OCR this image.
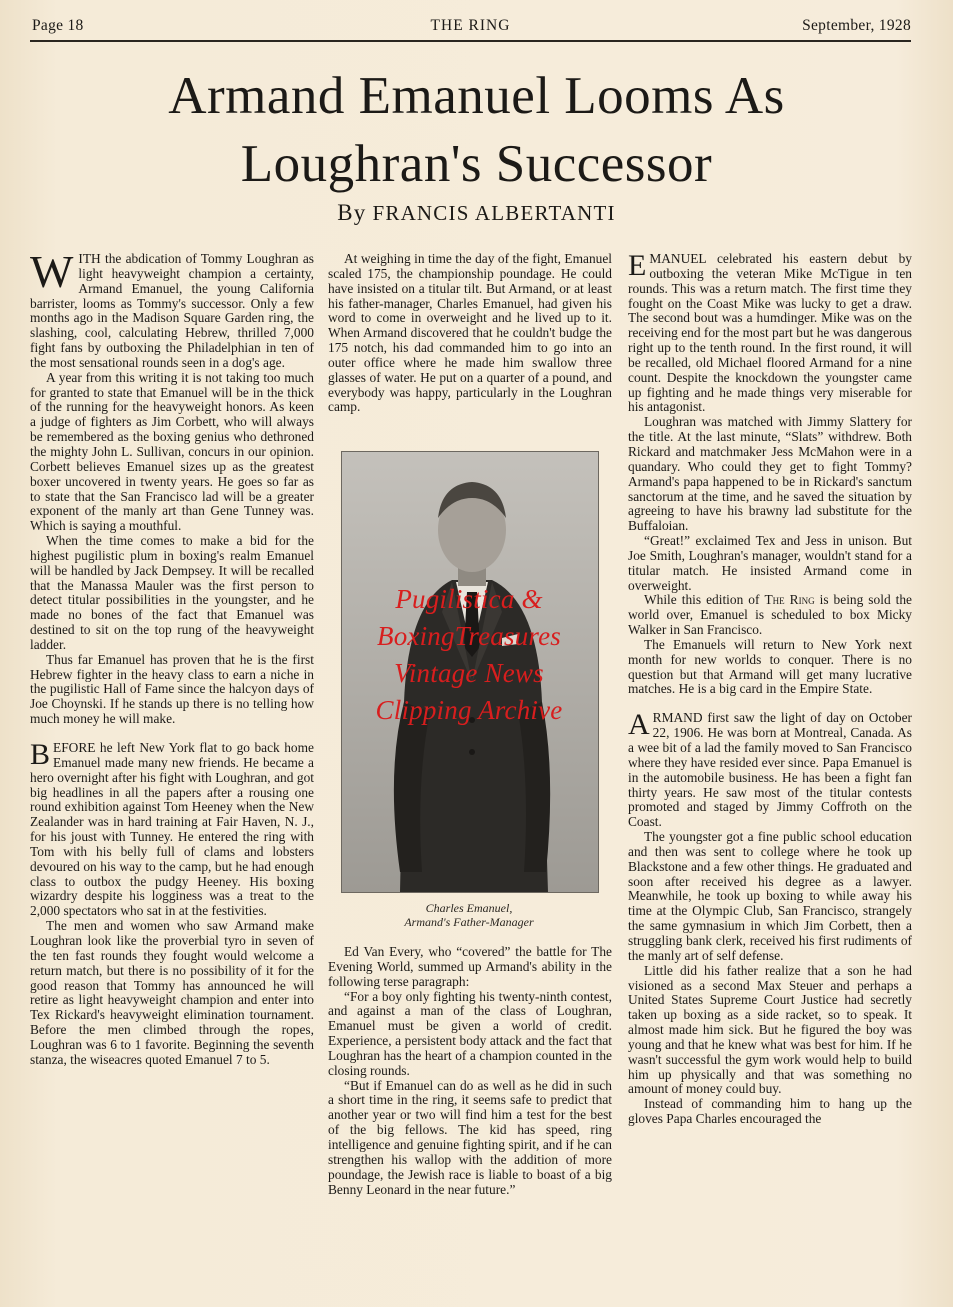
Page 18	THE RING	September, 1928
Armand Emanuel Looms As
Loughran's Successor
By FRANCIS ALBERTANTI

WITH the abdication of Tommy Loughran as light heavyweight champion a certainty, Armand Emanuel, the young California barrister, looms as Tommy's successor. Only a few months ago in the Madison Square Garden ring, the slashing, cool, calculating Hebrew, thrilled 7,000 fight fans by outboxing the Philadelphian in ten of the most sensational rounds seen in a dog's age.

A year from this writing it is not taking too much for granted to state that Emanuel will be in the thick of the running for the heavyweight honors. As keen a judge of fighters as Jim Corbett, who will always be remembered as the boxing genius who dethroned the mighty John L. Sullivan, concurs in our opinion. Corbett believes Emanuel sizes up as the greatest boxer uncovered in twenty years. He goes so far as to state that the San Francisco lad will be a greater exponent of the manly art than Gene Tunney was. Which is saying a mouthful.

When the time comes to make a bid for the highest pugilistic plum in boxing's realm Emanuel will be handled by Jack Dempsey. It will be recalled that the Manassa Mauler was the first person to detect titular possibilities in the youngster, and he made no bones of the fact that Emanuel was destined to sit on the top rung of the heavyweight ladder.

Thus far Emanuel has proven that he is the first Hebrew fighter in the heavy class to earn a niche in the pugilistic Hall of Fame since the halcyon days of Joe Choynski. If he stands up there is no telling how much money he will make.

BEFORE he left New York flat to go back home Emanuel made many new friends. He became a hero overnight after his fight with Loughran, and got big headlines in all the papers after a rousing one round exhibition against Tom Heeney when the New Zealander was in hard training at Fair Haven, N. J., for his joust with Tunney. He entered the ring with Tom with his belly full of clams and lobsters devoured on his way to the camp, but he had enough class to outbox the pudgy Heeney. His boxing wizardry despite his logginess was a treat to the 2,000 spectators who sat in at the festivities.

The men and women who saw Armand make Loughran look like the proverbial tyro in seven of the ten fast rounds they fought would welcome a return match, but there is no possibility of it for the good reason that Tommy has announced he will retire as light heavyweight champion and enter into Tex Rickard's heavyweight elimination tournament. Before the men climbed through the ropes, Loughran was 6 to 1 favorite. Beginning the seventh stanza, the wiseacres quoted Emanuel 7 to 5.

At weighing in time the day of the fight, Emanuel scaled 175, the championship poundage. He could have insisted on a titular tilt. But Armand, or at least his father-manager, Charles Emanuel, had given his word to come in overweight and he lived up to it. When Armand discovered that he couldn't budge the 175 notch, his dad commanded him to go into an outer office where he made him swallow three glasses of water. He put on a quarter of a pound, and everybody was happy, particularly in the Loughran camp.

Pugilistica &
BoxingTreasures
Vintage News
Clipping Archive
Charles Emanuel,
Armand's Father-Manager

Ed Van Every, who “covered” the battle for The Evening World, summed up Armand's ability in the following terse paragraph:

“For a boy only fighting his twenty-ninth contest, and against a man of the class of Loughran, Emanuel must be given a world of credit. Experience, a persistent body attack and the fact that Loughran has the heart of a champion counted in the closing rounds.

“But if Emanuel can do as well as he did in such a short time in the ring, it seems safe to predict that another year or two will find him a test for the best of the big fellows. The kid has speed, ring intelligence and genuine fighting spirit, and if he can strengthen his wallop with the addition of more poundage, the Jewish race is liable to boast of a big Benny Leonard in the near future.”

EMANUEL celebrated his eastern debut by outboxing the veteran Mike McTigue in ten rounds. This was a return match. The first time they fought on the Coast Mike was lucky to get a draw. The second bout was a humdinger. Mike was on the receiving end for the most part but he was dangerous right up to the tenth round. In the first round, it will be recalled, old Michael floored Armand for a nine count. Despite the knockdown the youngster came up fighting and he made things very miserable for his antagonist.

Loughran was matched with Jimmy Slattery for the title. At the last minute, “Slats” withdrew. Both Rickard and matchmaker Jess McMahon were in a quandary. Who could they get to fight Tommy? Armand's papa happened to be in Rickard's sanctum sanctorum at the time, and he saved the situation by agreeing to have his brawny lad substitute for the Buffaloian.

“Great!” exclaimed Tex and Jess in unison. But Joe Smith, Loughran's manager, wouldn't stand for a titular match. He insisted Armand come in overweight.

While this edition of The Ring is being sold the world over, Emanuel is scheduled to box Micky Walker in San Francisco.

The Emanuels will return to New York next month for new worlds to conquer. There is no question but that Armand will get many lucrative matches. He is a big card in the Empire State.

ARMAND first saw the light of day on October 22, 1906. He was born at Montreal, Canada. As a wee bit of a lad the family moved to San Francisco where they have resided ever since. Papa Emanuel is in the automobile business. He has been a fight fan thirty years. He saw most of the titular contests promoted and staged by Jimmy Coffroth on the Coast.

The youngster got a fine public school education and then was sent to college where he took up Blackstone and a few other things. He graduated and soon after received his degree as a lawyer. Meanwhile, he took up boxing to while away his time at the Olympic Club, San Francisco, strangely the same gymnasium in which Jim Corbett, then a struggling bank clerk, received his first rudiments of the manly art of self defense.

Little did his father realize that a son he had visioned as a second Max Steuer and perhaps a United States Supreme Court Justice had secretly taken up boxing as a side racket, so to speak. It almost made him sick. But he figured the boy was young and that he knew what was best for him. If he wasn't successful the gym work would help to build him up physically and that was something no amount of money could buy.

Instead of commanding him to hang up the gloves Papa Charles encouraged the
